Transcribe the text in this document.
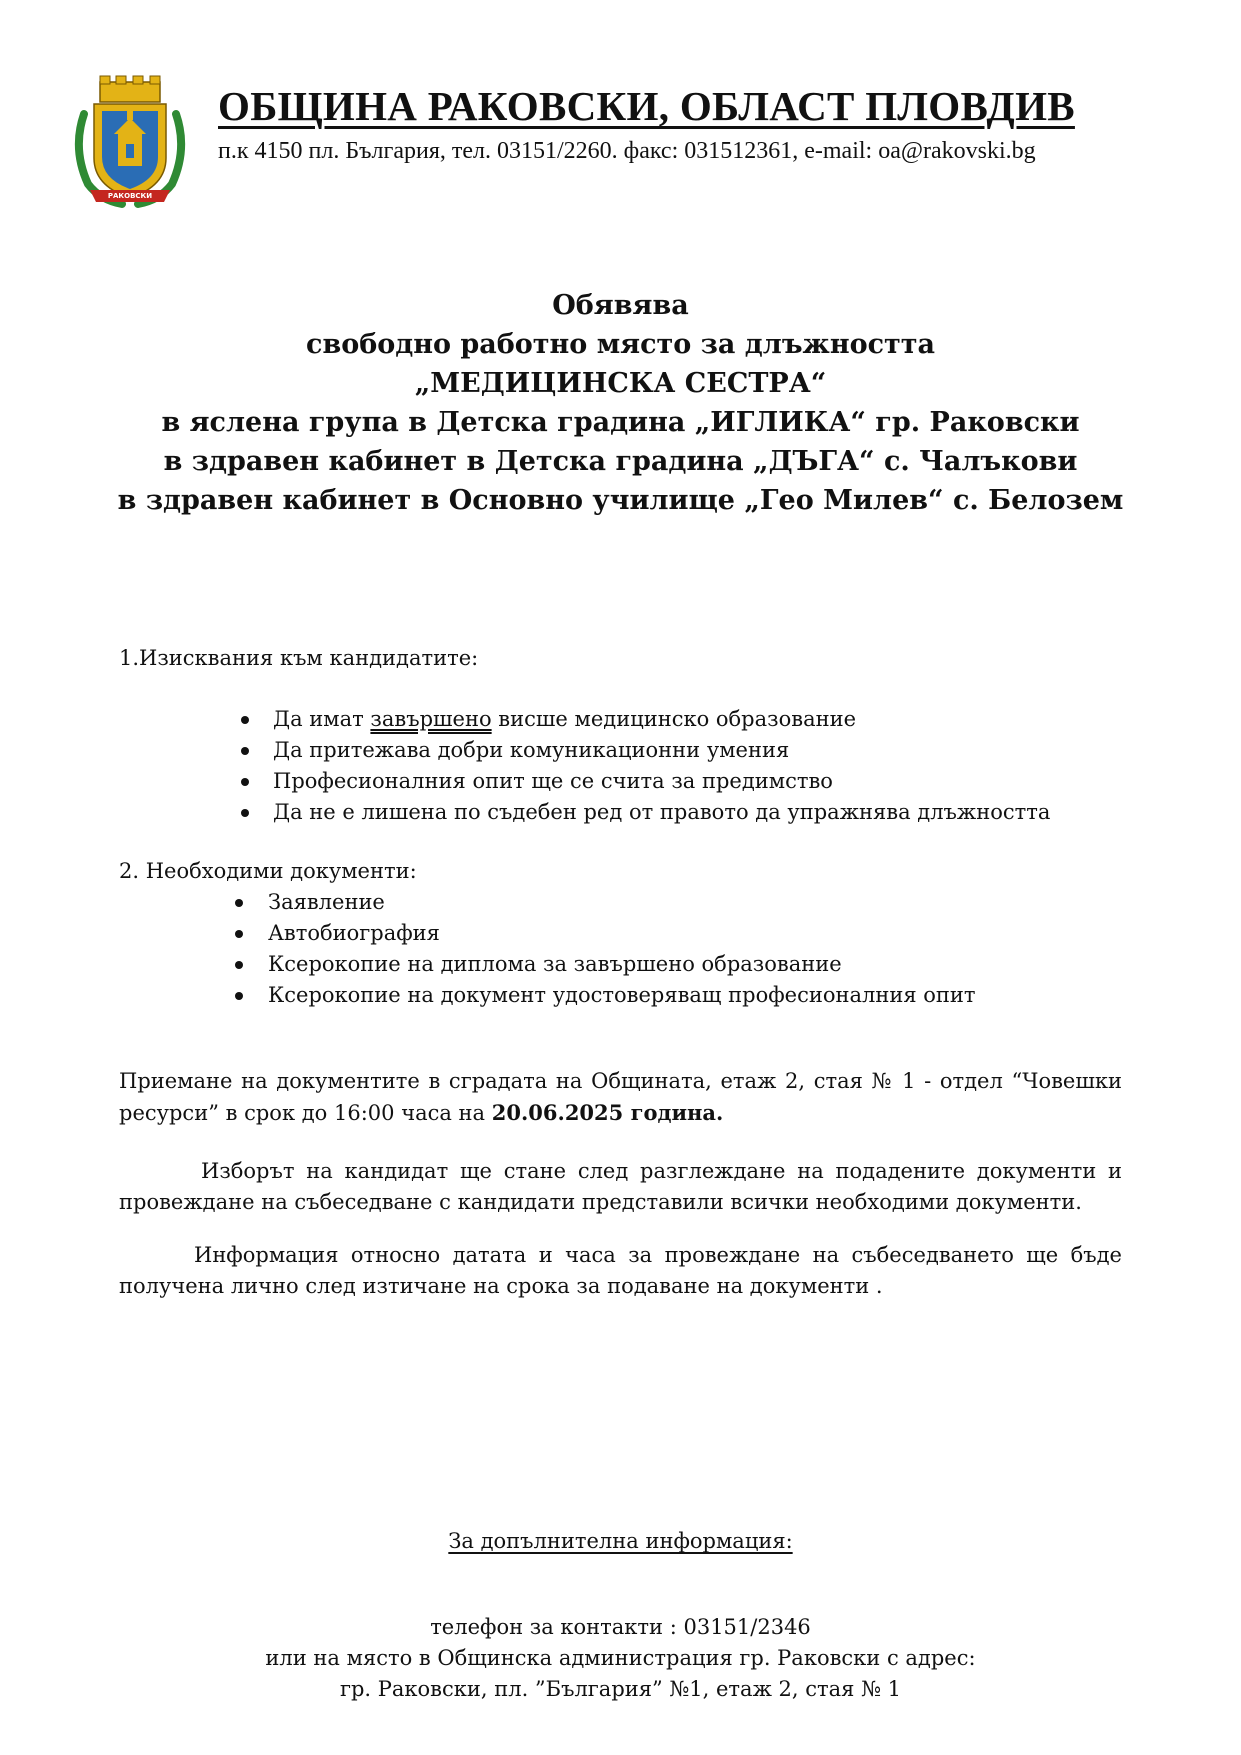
РАКОВСКИ
ОБЩИНА РАКОВСКИ, ОБЛАСТ ПЛОВДИВ
п.к 4150 пл. България, тел. 03151/2260. факс: 031512361, e-mail: oa@rakovski.bg
Обявява
свободно работно място за длъжността
„МЕДИЦИНСКА СЕСТРА“
в яслена група в Детска градина „ИГЛИКА“ гр. Раковски
в здравен кабинет в Детска градина „ДЪГА“ с. Чалъкови
в здравен кабинет в Основно училище „Гео Милев“ с. Белозем
1.Изисквания към кандидатите:
Да имат завършено висше медицинско образование
Да притежава добри комуникационни умения
Професионалния опит ще се счита за предимство
Да не е лишена по съдебен ред от правото да упражнява длъжността
2. Необходими документи:
Заявление
Автобиография
Ксерокопие на диплома за завършено образование
Ксерокопие на документ удостоверяващ професионалния опит
Приемане на документите в сградата на Общината, етаж 2, стая № 1 - отдел “Човешки
ресурси” в срок до 16:00 часа на 20.06.2025 година.
Изборът на кандидат ще стане след разглеждане на подадените документи и
провеждане на събеседване с кандидати представили всички необходими документи.
Информация относно датата и часа за провеждане на събеседването ще бъде
получена лично след изтичане на срока за подаване на документи .
За допълнителна информация:
телефон за контакти : 03151/2346
или на място в Общинска администрация гр. Раковски с адрес:
гр. Раковски, пл. ”България” №1, етаж 2, стая № 1
